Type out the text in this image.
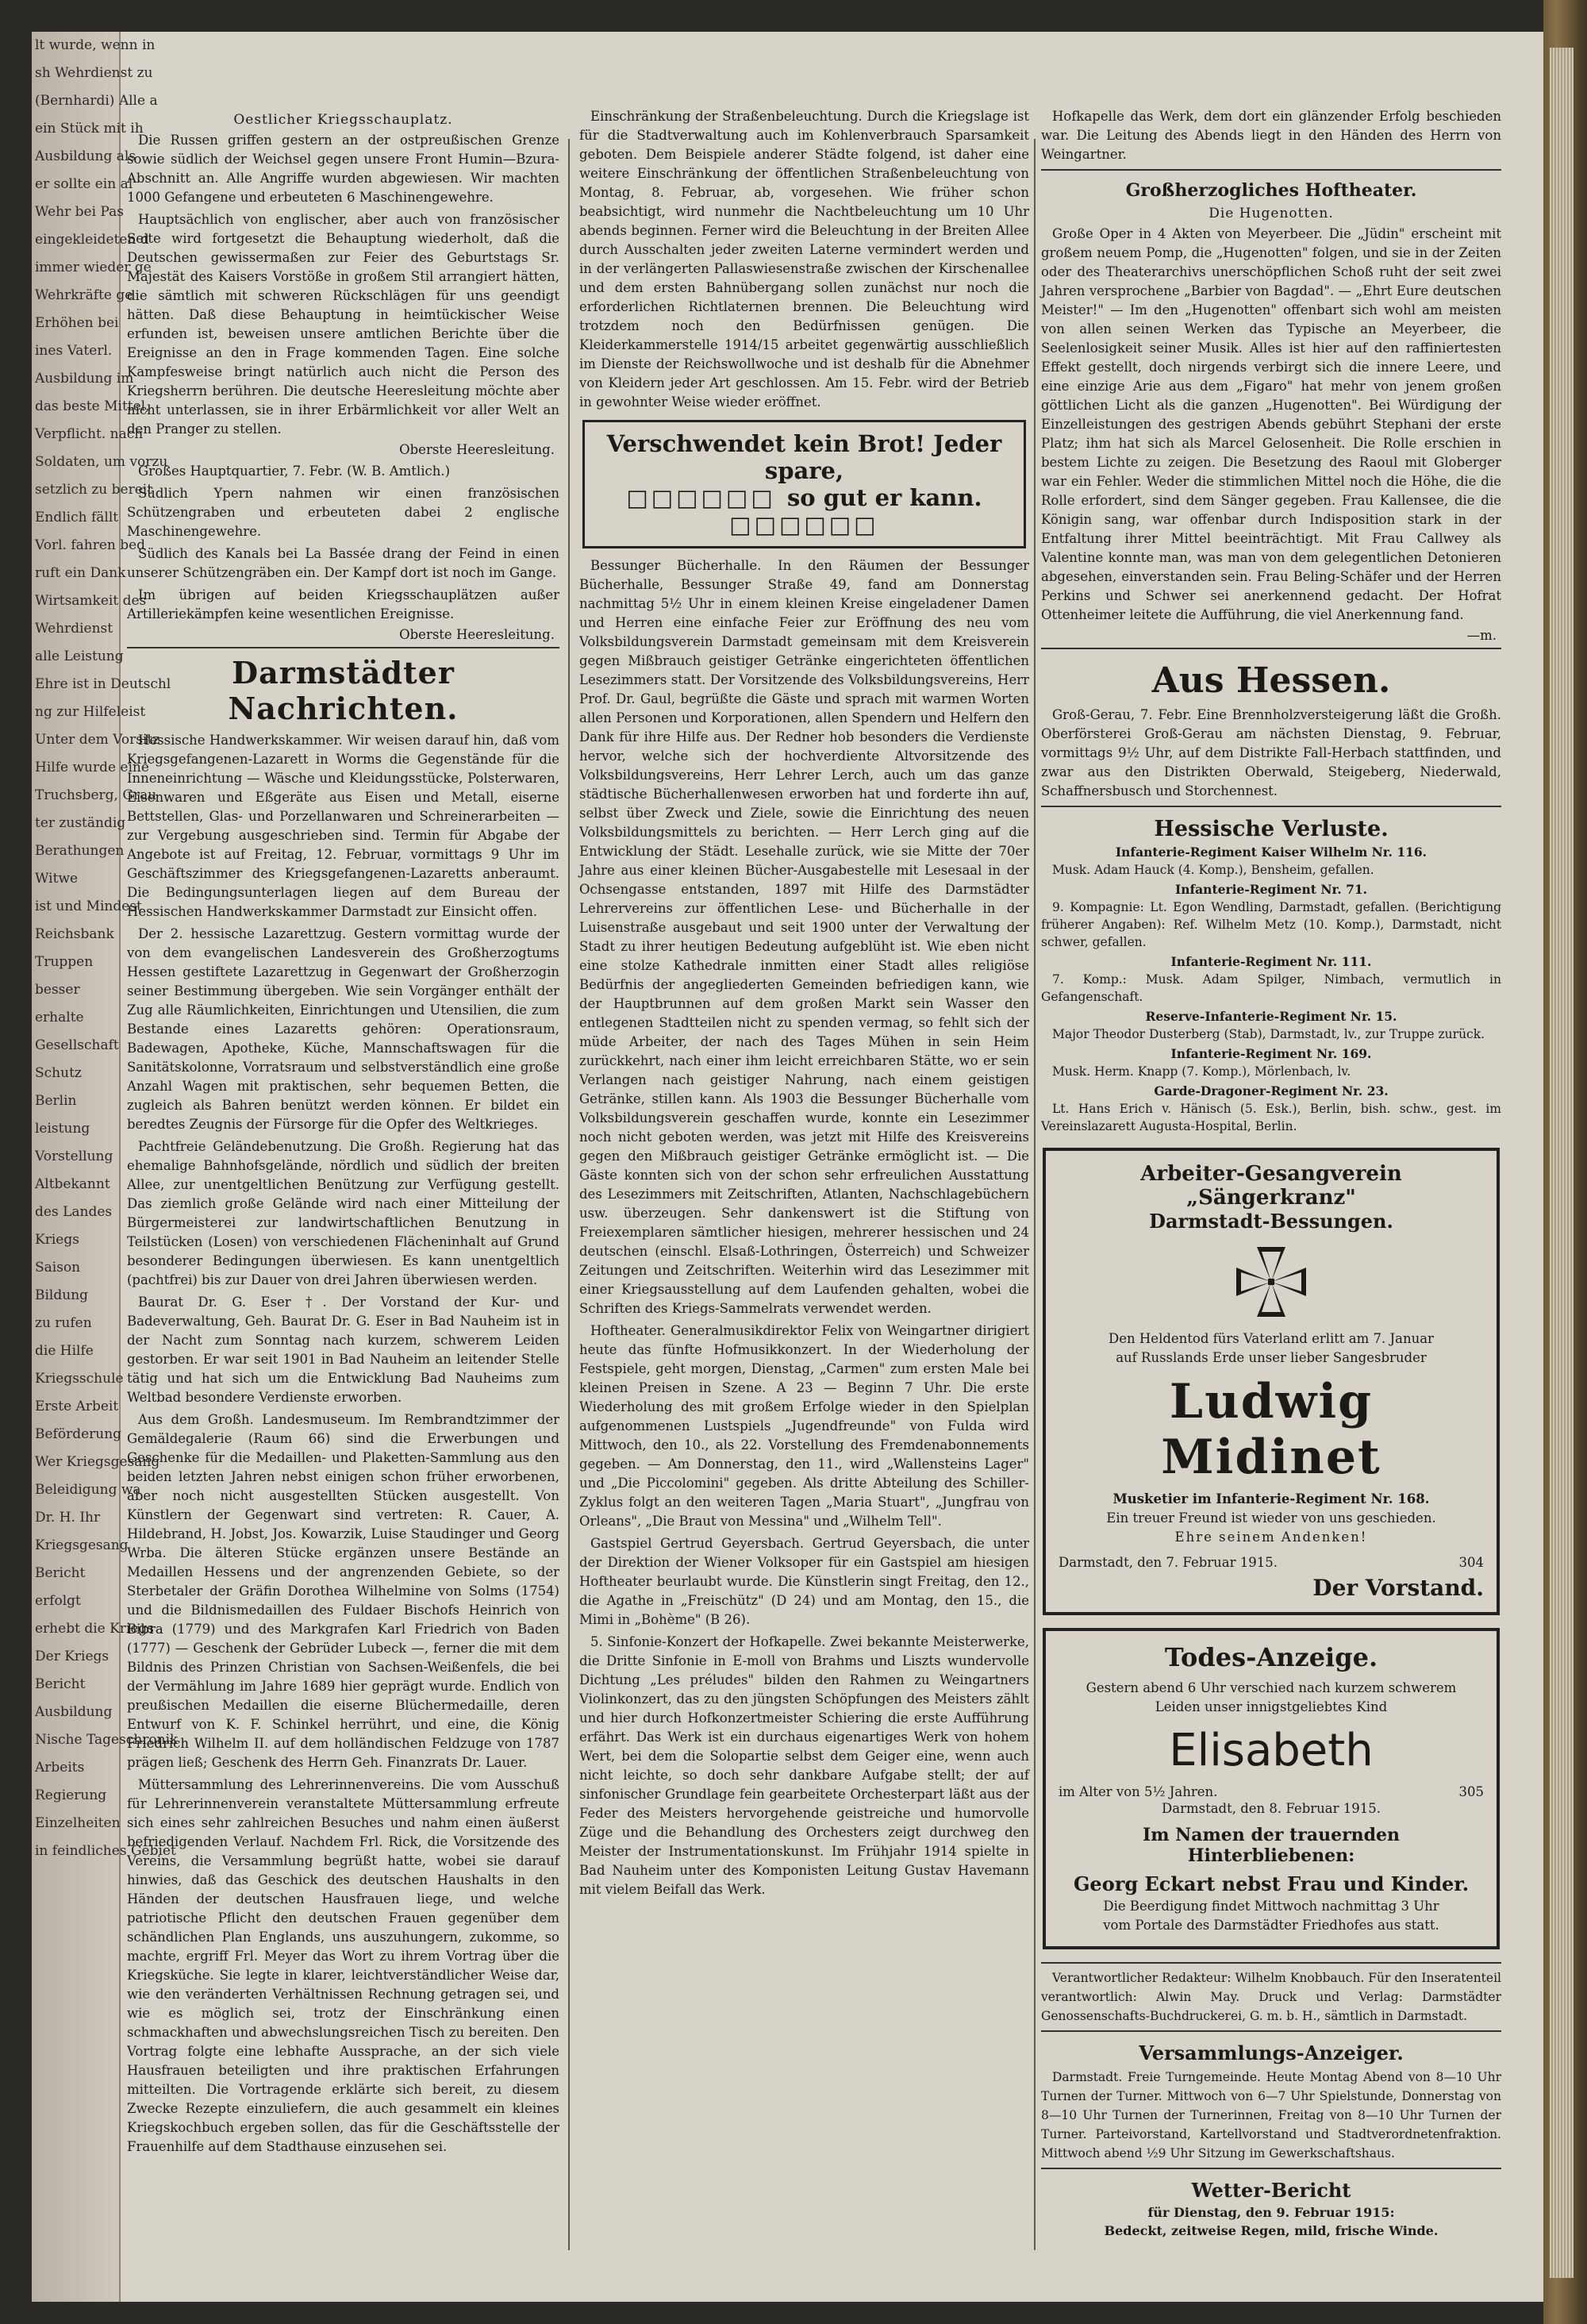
lt wurde, wenn in

sh Wehrdienst zu

(Bernhardi) Alle a

ein Stück mit ih

Ausbildung als

er sollte ein al

Wehr bei Pas

eingekleideten d

immer wieder ge

Wehrkräfte ge

Erhöhen bei

ines Vaterl.

Ausbildung im

das beste Mittel,

Verpflicht. nach

Soldaten, um vorzu

setzlich zu bereit

Endlich fällt

Vorl. fahren bed

ruft ein Dank

Wirtsamkeit des

Wehrdienst

alle Leistung

Ehre ist in Deutschl

ng zur Hilfeleist

Unter dem Vorsitz

Hilfe wurde eine

Truchsberg, Grau

ter zuständig

Berathungen

Witwe

ist und Mindest

Reichsbank

Truppen

besser

erhalte

Gesellschaft

Schutz

Berlin

leistung

Vorstellung

Altbekannt

des Landes

Kriegs

Saison

Bildung

zu rufen

die Hilfe

Kriegsschule

Erste Arbeit

Beförderung

Wer Kriegsgesang

Beleidigung wa

Dr. H. Ihr

Kriegsgesang

Bericht

erfolgt

erhebt die Kriegs

Der Kriegs

Bericht

Ausbildung

Nische Tageschronik

Arbeits

Regierung

Einzelheiten

in feindliches Gebiet

Oestlicher Kriegsschauplatz.

Die Russen griffen gestern an der ostpreußischen Grenze sowie südlich der Weichsel gegen unsere Front Humin—Bzura-Abschnitt an. Alle Angriffe wurden abgewiesen. Wir machten 1000 Gefangene und erbeuteten 6 Maschinengewehre.

Hauptsächlich von englischer, aber auch von französischer Seite wird fortgesetzt die Behauptung wiederholt, daß die Deutschen gewissermaßen zur Feier des Geburtstags Sr. Majestät des Kaisers Vorstöße in großem Stil arrangiert hätten, die sämtlich mit schweren Rückschlägen für uns geendigt hätten. Daß diese Behauptung in heimtückischer Weise erfunden ist, beweisen unsere amtlichen Berichte über die Ereignisse an den in Frage kommenden Tagen. Eine solche Kampfesweise bringt natürlich auch nicht die Person des Kriegsherrn berühren. Die deutsche Heeresleitung möchte aber nicht unterlassen, sie in ihrer Erbärmlichkeit vor aller Welt an den Pranger zu stellen.

Oberste Heeresleitung.

Großes Hauptquartier, 7. Febr. (W. B. Amtlich.)

Südlich Ypern nahmen wir einen französischen Schützengraben und erbeuteten dabei 2 englische Maschinengewehre.

Südlich des Kanals bei La Bassée drang der Feind in einen unserer Schützengräben ein. Der Kampf dort ist noch im Gange.

Im übrigen auf beiden Kriegsschauplätzen außer Artilleriekämpfen keine wesentlichen Ereignisse.

Oberste Heeresleitung.
Darmstädter Nachrichten.

Hessische Handwerkskammer. Wir weisen darauf hin, daß vom Kriegsgefangenen-Lazarett in Worms die Gegenstände für die Inneneinrichtung — Wäsche und Kleidungsstücke, Polsterwaren, Eisenwaren und Eßgeräte aus Eisen und Metall, eiserne Bettstellen, Glas- und Porzellanwaren und Schreinerarbeiten — zur Vergebung ausgeschrieben sind. Termin für Abgabe der Angebote ist auf Freitag, 12. Februar, vormittags 9 Uhr im Geschäftszimmer des Kriegsgefangenen-Lazaretts anberaumt. Die Bedingungsunterlagen liegen auf dem Bureau der Hessischen Handwerkskammer Darmstadt zur Einsicht offen.

Der 2. hessische Lazarettzug. Gestern vormittag wurde der von dem evangelischen Landesverein des Großherzogtums Hessen gestiftete Lazarettzug in Gegenwart der Großherzogin seiner Bestimmung übergeben. Wie sein Vorgänger enthält der Zug alle Räumlichkeiten, Einrichtungen und Utensilien, die zum Bestande eines Lazaretts gehören: Operationsraum, Badewagen, Apotheke, Küche, Mannschaftswagen für die Sanitätskolonne, Vorratsraum und selbstverständlich eine große Anzahl Wagen mit praktischen, sehr bequemen Betten, die zugleich als Bahren benützt werden können. Er bildet ein beredtes Zeugnis der Fürsorge für die Opfer des Weltkrieges.

Pachtfreie Geländebenutzung. Die Großh. Regierung hat das ehemalige Bahnhofsgelände, nördlich und südlich der breiten Allee, zur unentgeltlichen Benützung zur Verfügung gestellt. Das ziemlich große Gelände wird nach einer Mitteilung der Bürgermeisterei zur landwirtschaftlichen Benutzung in Teilstücken (Losen) von verschiedenen Flächeninhalt auf Grund besonderer Bedingungen überwiesen. Es kann unentgeltlich (pachtfrei) bis zur Dauer von drei Jahren überwiesen werden.

Baurat Dr. G. Eser †. Der Vorstand der Kur- und Badeverwaltung, Geh. Baurat Dr. G. Eser in Bad Nauheim ist in der Nacht zum Sonntag nach kurzem, schwerem Leiden gestorben. Er war seit 1901 in Bad Nauheim an leitender Stelle tätig und hat sich um die Entwicklung Bad Nauheims zum Weltbad besondere Verdienste erworben.

Aus dem Großh. Landesmuseum. Im Rembrandtzimmer der Gemäldegalerie (Raum 66) sind die Erwerbungen und Geschenke für die Medaillen- und Plaketten-Sammlung aus den beiden letzten Jahren nebst einigen schon früher erworbenen, aber noch nicht ausgestellten Stücken ausgestellt. Von Künstlern der Gegenwart sind vertreten: R. Cauer, A. Hildebrand, H. Jobst, Jos. Kowarzik, Luise Staudinger und Georg Wrba. Die älteren Stücke ergänzen unsere Bestände an Medaillen Hessens und der angrenzenden Gebiete, so der Sterbetaler der Gräfin Dorothea Wilhelmine von Solms (1754) und die Bildnismedaillen des Fuldaer Bischofs Heinrich von Bibra (1779) und des Markgrafen Karl Friedrich von Baden (1777) — Geschenk der Gebrüder Lubeck —, ferner die mit dem Bildnis des Prinzen Christian von Sachsen-Weißenfels, die bei der Vermählung im Jahre 1689 hier geprägt wurde. Endlich von preußischen Medaillen die eiserne Blüchermedaille, deren Entwurf von K. F. Schinkel herrührt, und eine, die König Friedrich Wilhelm II. auf dem holländischen Feldzuge von 1787 prägen ließ; Geschenk des Herrn Geh. Finanzrats Dr. Lauer.

Müttersammlung des Lehrerinnenvereins. Die vom Ausschuß für Lehrerinnenverein veranstaltete Müttersammlung erfreute sich eines sehr zahlreichen Besuches und nahm einen äußerst befriedigenden Verlauf. Nachdem Frl. Rick, die Vorsitzende des Vereins, die Versammlung begrüßt hatte, wobei sie darauf hinwies, daß das Geschick des deutschen Haushalts in den Händen der deutschen Hausfrauen liege, und welche patriotische Pflicht den deutschen Frauen gegenüber dem schändlichen Plan Englands, uns auszuhungern, zukomme, so machte, ergriff Frl. Meyer das Wort zu ihrem Vortrag über die Kriegsküche. Sie legte in klarer, leichtverständlicher Weise dar, wie den veränderten Verhältnissen Rechnung getragen sei, und wie es möglich sei, trotz der Einschränkung einen schmackhaften und abwechslungsreichen Tisch zu bereiten. Den Vortrag folgte eine lebhafte Aussprache, an der sich viele Hausfrauen beteiligten und ihre praktischen Erfahrungen mitteilten. Die Vortragende erklärte sich bereit, zu diesem Zwecke Rezepte einzuliefern, die auch gesammelt ein kleines Kriegskochbuch ergeben sollen, das für die Geschäftsstelle der Frauenhilfe auf dem Stadthause einzusehen sei.

Einschränkung der Straßenbeleuchtung. Durch die Kriegslage ist für die Stadtverwaltung auch im Kohlenverbrauch Sparsamkeit geboten. Dem Beispiele anderer Städte folgend, ist daher eine weitere Einschränkung der öffentlichen Straßenbeleuchtung von Montag, 8. Februar, ab, vorgesehen. Wie früher schon beabsichtigt, wird nunmehr die Nachtbeleuchtung um 10 Uhr abends beginnen. Ferner wird die Beleuchtung in der Breiten Allee durch Ausschalten jeder zweiten Laterne vermindert werden und in der verlängerten Pallaswiesenstraße zwischen der Kirschenallee und dem ersten Bahnübergang sollen zunächst nur noch die erforderlichen Richtlaternen brennen. Die Beleuchtung wird trotzdem noch den Bedürfnissen genügen. Die Kleiderkammerstelle 1914/15 arbeitet gegenwärtig ausschließlich im Dienste der Reichswollwoche und ist deshalb für die Abnehmer von Kleidern jeder Art geschlossen. Am 15. Febr. wird der Betrieb in gewohnter Weise wieder eröffnet.

Verschwendet kein Brot! Jeder spare,
□□□□□□ so gut er kann. □□□□□□

Bessunger Bücherhalle. In den Räumen der Bessunger Bücherhalle, Bessunger Straße 49, fand am Donnerstag nachmittag 5½ Uhr in einem kleinen Kreise eingeladener Damen und Herren eine einfache Feier zur Eröffnung des neu vom Volksbildungsverein Darmstadt gemeinsam mit dem Kreisverein gegen Mißbrauch geistiger Getränke eingerichteten öffentlichen Lesezimmers statt. Der Vorsitzende des Volksbildungsvereins, Herr Prof. Dr. Gaul, begrüßte die Gäste und sprach mit warmen Worten allen Personen und Korporationen, allen Spendern und Helfern den Dank für ihre Hilfe aus. Der Redner hob besonders die Verdienste hervor, welche sich der hochverdiente Altvorsitzende des Volksbildungsvereins, Herr Lehrer Lerch, auch um das ganze städtische Bücherhallenwesen erworben hat und forderte ihn auf, selbst über Zweck und Ziele, sowie die Einrichtung des neuen Volksbildungsmittels zu berichten. — Herr Lerch ging auf die Entwicklung der Städt. Lesehalle zurück, wie sie Mitte der 70er Jahre aus einer kleinen Bücher-Ausgabestelle mit Lesesaal in der Ochsengasse entstanden, 1897 mit Hilfe des Darmstädter Lehrervereins zur öffentlichen Lese- und Bücherhalle in der Luisenstraße ausgebaut und seit 1900 unter der Verwaltung der Stadt zu ihrer heutigen Bedeutung aufgeblüht ist. Wie eben nicht eine stolze Kathedrale inmitten einer Stadt alles religiöse Bedürfnis der angegliederten Gemeinden befriedigen kann, wie der Hauptbrunnen auf dem großen Markt sein Wasser den entlegenen Stadtteilen nicht zu spenden vermag, so fehlt sich der müde Arbeiter, der nach des Tages Mühen in sein Heim zurückkehrt, nach einer ihm leicht erreichbaren Stätte, wo er sein Verlangen nach geistiger Nahrung, nach einem geistigen Getränke, stillen kann. Als 1903 die Bessunger Bücherhalle vom Volksbildungsverein geschaffen wurde, konnte ein Lesezimmer noch nicht geboten werden, was jetzt mit Hilfe des Kreisvereins gegen den Mißbrauch geistiger Getränke ermöglicht ist. — Die Gäste konnten sich von der schon sehr erfreulichen Ausstattung des Lesezimmers mit Zeitschriften, Atlanten, Nachschlagebüchern usw. überzeugen. Sehr dankenswert ist die Stiftung von Freiexemplaren sämtlicher hiesigen, mehrerer hessischen und 24 deutschen (einschl. Elsaß-Lothringen, Österreich) und Schweizer Zeitungen und Zeitschriften. Weiterhin wird das Lesezimmer mit einer Kriegsausstellung auf dem Laufenden gehalten, wobei die Schriften des Kriegs-Sammelrats verwendet werden.

Hoftheater. Generalmusikdirektor Felix von Weingartner dirigiert heute das fünfte Hofmusikkonzert. In der Wiederholung der Festspiele, geht morgen, Dienstag, „Carmen" zum ersten Male bei kleinen Preisen in Szene. A 23 — Beginn 7 Uhr. Die erste Wiederholung des mit großem Erfolge wieder in den Spielplan aufgenommenen Lustspiels „Jugendfreunde" von Fulda wird Mittwoch, den 10., als 22. Vorstellung des Fremdenabonnements gegeben. — Am Donnerstag, den 11., wird „Wallensteins Lager" und „Die Piccolomini" gegeben. Als dritte Abteilung des Schiller-Zyklus folgt an den weiteren Tagen „Maria Stuart", „Jungfrau von Orleans", „Die Braut von Messina" und „Wilhelm Tell".

Gastspiel Gertrud Geyersbach. Gertrud Geyersbach, die unter der Direktion der Wiener Volksoper für ein Gastspiel am hiesigen Hoftheater beurlaubt wurde. Die Künstlerin singt Freitag, den 12., die Agathe in „Freischütz" (D 24) und am Montag, den 15., die Mimi in „Bohème" (B 26).

5. Sinfonie-Konzert der Hofkapelle. Zwei bekannte Meisterwerke, die Dritte Sinfonie in E-moll von Brahms und Liszts wundervolle Dichtung „Les préludes" bilden den Rahmen zu Weingartners Violinkonzert, das zu den jüngsten Schöpfungen des Meisters zählt und hier durch Hofkonzertmeister Schiering die erste Aufführung erfährt. Das Werk ist ein durchaus eigenartiges Werk von hohem Wert, bei dem die Solopartie selbst dem Geiger eine, wenn auch nicht leichte, so doch sehr dankbare Aufgabe stellt; der auf sinfonischer Grundlage fein gearbeitete Orchesterpart läßt aus der Feder des Meisters hervorgehende geistreiche und humorvolle Züge und die Behandlung des Orchesters zeigt durchweg den Meister der Instrumentationskunst. Im Frühjahr 1914 spielte in Bad Nauheim unter des Komponisten Leitung Gustav Havemann mit vielem Beifall das Werk.

Hofkapelle das Werk, dem dort ein glänzender Erfolg beschieden war. Die Leitung des Abends liegt in den Händen des Herrn von Weingartner.

Großherzogliches Hoftheater.
Die Hugenotten.

Große Oper in 4 Akten von Meyerbeer. Die „Jüdin" erscheint mit großem neuem Pomp, die „Hugenotten" folgen, und sie in der Zeiten oder des Theaterarchivs unerschöpflichen Schoß ruht der seit zwei Jahren versprochene „Barbier von Bagdad". — „Ehrt Eure deutschen Meister!" — Im den „Hugenotten" offenbart sich wohl am meisten von allen seinen Werken das Typische an Meyerbeer, die Seelenlosigkeit seiner Musik. Alles ist hier auf den raffiniertesten Effekt gestellt, doch nirgends verbirgt sich die innere Leere, und eine einzige Arie aus dem „Figaro" hat mehr von jenem großen göttlichen Licht als die ganzen „Hugenotten". Bei Würdigung der Einzelleistungen des gestrigen Abends gebührt Stephani der erste Platz; ihm hat sich als Marcel Gelosenheit. Die Rolle erschien in bestem Lichte zu zeigen. Die Besetzung des Raoul mit Globerger war ein Fehler. Weder die stimmlichen Mittel noch die Höhe, die die Rolle erfordert, sind dem Sänger gegeben. Frau Kallensee, die die Königin sang, war offenbar durch Indisposition stark in der Entfaltung ihrer Mittel beeinträchtigt. Mit Frau Callwey als Valentine konnte man, was man von dem gelegentlichen Detonieren abgesehen, einverstanden sein. Frau Beling-Schäfer und der Herren Perkins und Schwer sei anerkennend gedacht. Der Hofrat Ottenheimer leitete die Aufführung, die viel Anerkennung fand.

—m.
Aus Hessen.

Groß-Gerau, 7. Febr. Eine Brennholzversteigerung läßt die Großh. Oberförsterei Groß-Gerau am nächsten Dienstag, 9. Februar, vormittags 9½ Uhr, auf dem Distrikte Fall-Herbach stattfinden, und zwar aus den Distrikten Oberwald, Steigeberg, Niederwald, Schaffnersbusch und Storchennest.

Hessische Verluste.
Infanterie-Regiment Kaiser Wilhelm Nr. 116.

Musk. Adam Hauck (4. Komp.), Bensheim, gefallen.

Infanterie-Regiment Nr. 71.

9. Kompagnie: Lt. Egon Wendling, Darmstadt, gefallen. (Berichtigung früherer Angaben): Ref. Wilhelm Metz (10. Komp.), Darmstadt, nicht schwer, gefallen.

Infanterie-Regiment Nr. 111.

7. Komp.: Musk. Adam Spilger, Nimbach, vermutlich in Gefangenschaft.

Reserve-Infanterie-Regiment Nr. 15.

Major Theodor Dusterberg (Stab), Darmstadt, lv., zur Truppe zurück.

Infanterie-Regiment Nr. 169.

Musk. Herm. Knapp (7. Komp.), Mörlenbach, lv.

Garde-Dragoner-Regiment Nr. 23.

Lt. Hans Erich v. Hänisch (5. Esk.), Berlin, bish. schw., gest. im Vereinslazarett Augusta-Hospital, Berlin.

Arbeiter-Gesangverein „Sängerkranz"
Darmstadt-Bessungen.
Den Heldentod fürs Vaterland erlitt am 7. Januar
auf Russlands Erde unser lieber Sangesbruder
Ludwig Midinet
Musketier im Infanterie-Regiment Nr. 168.
Ein treuer Freund ist wieder von uns geschieden.
Ehre seinem Andenken!
Darmstadt, den 7. Februar 1915.	304
Der Vorstand.
Todes-Anzeige.
Gestern abend 6 Uhr verschied nach kurzem schwerem
Leiden unser innigstgeliebtes Kind
Elisabeth
im Alter von 5½ Jahren.	305
Darmstadt, den 8. Februar 1915.
Im Namen der trauernden Hinterbliebenen:
Georg Eckart nebst Frau und Kinder.
Die Beerdigung findet Mittwoch nachmittag 3 Uhr
vom Portale des Darmstädter Friedhofes aus statt.

Verantwortlicher Redakteur: Wilhelm Knobbauch. Für den Inseratenteil verantwortlich: Alwin May. Druck und Verlag: Darmstädter Genossenschafts-Buchdruckerei, G. m. b. H., sämtlich in Darmstadt.

Versammlungs-Anzeiger.

Darmstadt. Freie Turngemeinde. Heute Montag Abend von 8—10 Uhr Turnen der Turner. Mittwoch von 6—7 Uhr Spielstunde, Donnerstag von 8—10 Uhr Turnen der Turnerinnen, Freitag von 8—10 Uhr Turnen der Turner. Parteivorstand, Kartellvorstand und Stadtverordnetenfraktion. Mittwoch abend ½9 Uhr Sitzung im Gewerkschaftshaus.

Wetter-Bericht
für Dienstag, den 9. Februar 1915:
Bedeckt, zeitweise Regen, mild, frische Winde.
